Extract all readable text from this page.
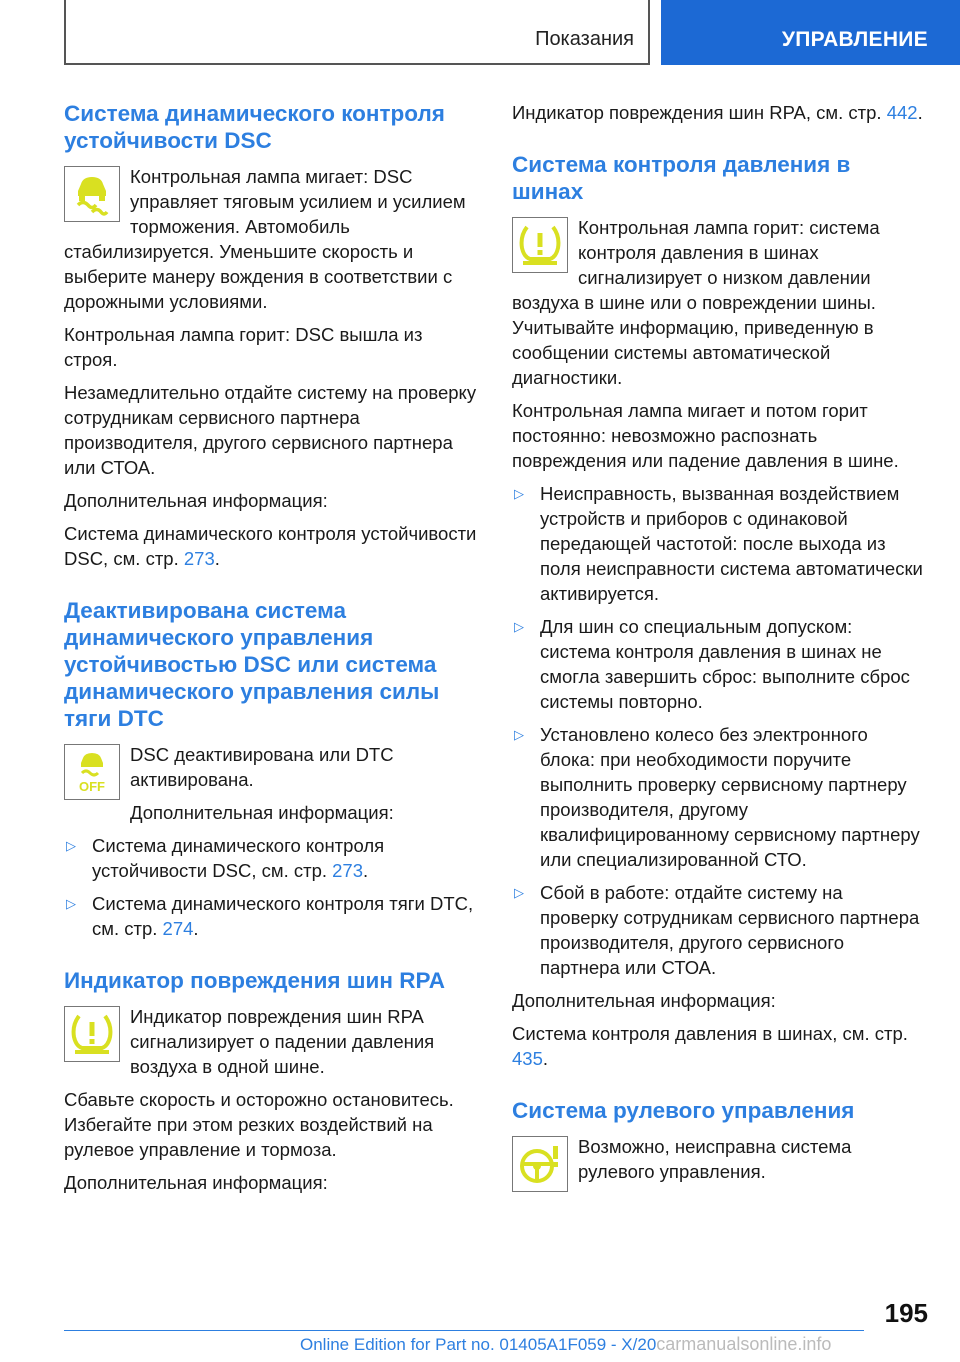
Показания	УПРАВЛЕНИЕ
Система динамического контроля устойчивости DSC

Контрольная лампа мигает: DSC управляет тяговым усилием и усилием торможения. Автомобиль стабилизируется. Уменьшите скорость и выберите манеру вождения в соответствии с дорожными условиями.

Контрольная лампа горит: DSC вышла из строя.

Незамедлительно отдайте систему на проверку сотрудникам сервисного партнера производителя, другого сервисного партнера или СТОА.

Дополнительная информация:

Система динамического контроля устойчивости DSC, см. стр. 273.

Деактивирована система динамического управления устойчивостью DSC или система динамического управления силы тяги DTC
OFF

DSC деактивирована или DTC активирована.

Дополнительная информация:

▷ Система динамического контроля устойчивости DSC, см. стр. 273.
▷ Система динамического контроля тяги DTC, см. стр. 274.
Индикатор повреждения шин RPA

Индикатор повреждения шин RPA сигнализирует о падении давления воздуха в одной шине.

Сбавьте скорость и осторожно остановитесь. Избегайте при этом резких воздействий на рулевое управление и тормоза.

Дополнительная информация:

Индикатор повреждения шин RPA, см. стр. 442.

Система контроля давления в шинах

Контрольная лампа горит: система контроля давления в шинах сигнализирует о низком давлении воздуха в шине или о повреждении шины. Учитывайте информацию, приведенную в сообщении системы автоматической диагностики.

Контрольная лампа мигает и потом горит постоянно: невозможно распознать повреждения или падение давления в шине.

▷ Неисправность, вызванная воздействием устройств и приборов с одинаковой передающей частотой: после выхода из поля неисправности система автоматически активируется.
▷ Для шин со специальным допуском: система контроля давления в шинах не смогла завершить сброс: выполните сброс системы повторно.
▷ Установлено колесо без электронного блока: при необходимости поручите выполнить проверку сервисному партнеру производителя, другому квалифицированному сервисному партнеру или специализированной СТО.
▷ Сбой в работе: отдайте систему на проверку сотрудникам сервисного партнера производителя, другого сервисного партнера или СТОА.

Дополнительная информация:

Система контроля давления в шинах, см. стр. 435.

Система рулевого управления

Возможно, неисправна система рулевого управления.

195
Online Edition for Part no. 01405A1F059 - X/20carmanualsonline.info
